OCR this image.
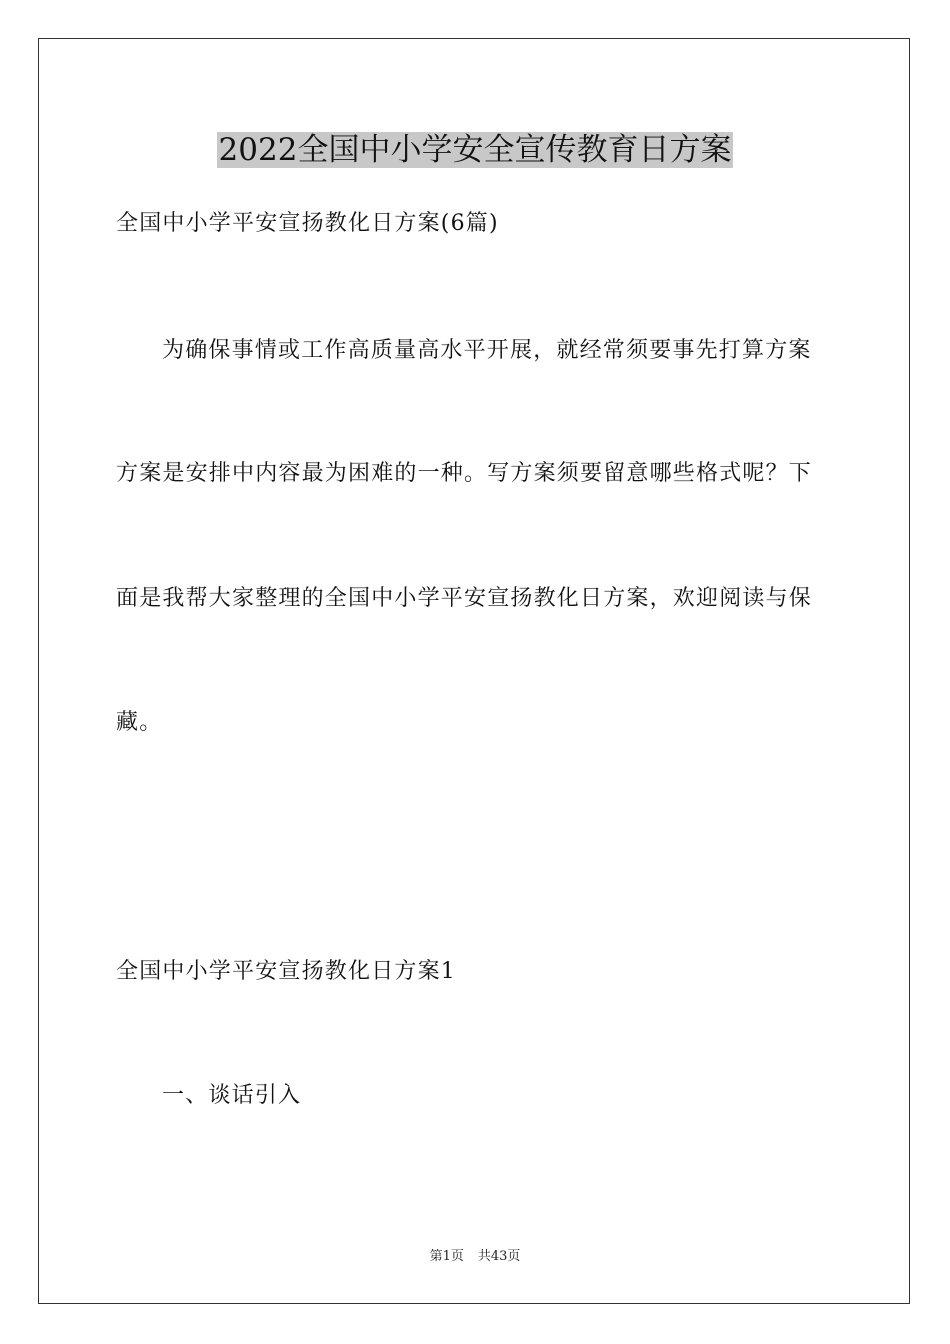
2022全国中小学安全宣传教育日方案
全国中小学平安宣扬教化日方案(6篇)
为确保事情或工作高质量高水平开展，就经常须要事先打算方案
方案是安排中内容最为困难的一种。写方案须要留意哪些格式呢？下
面是我帮大家整理的全国中小学平安宣扬教化日方案，欢迎阅读与保
藏。
全国中小学平安宣扬教化日方案1
一、谈话引入
第1页 共43页
